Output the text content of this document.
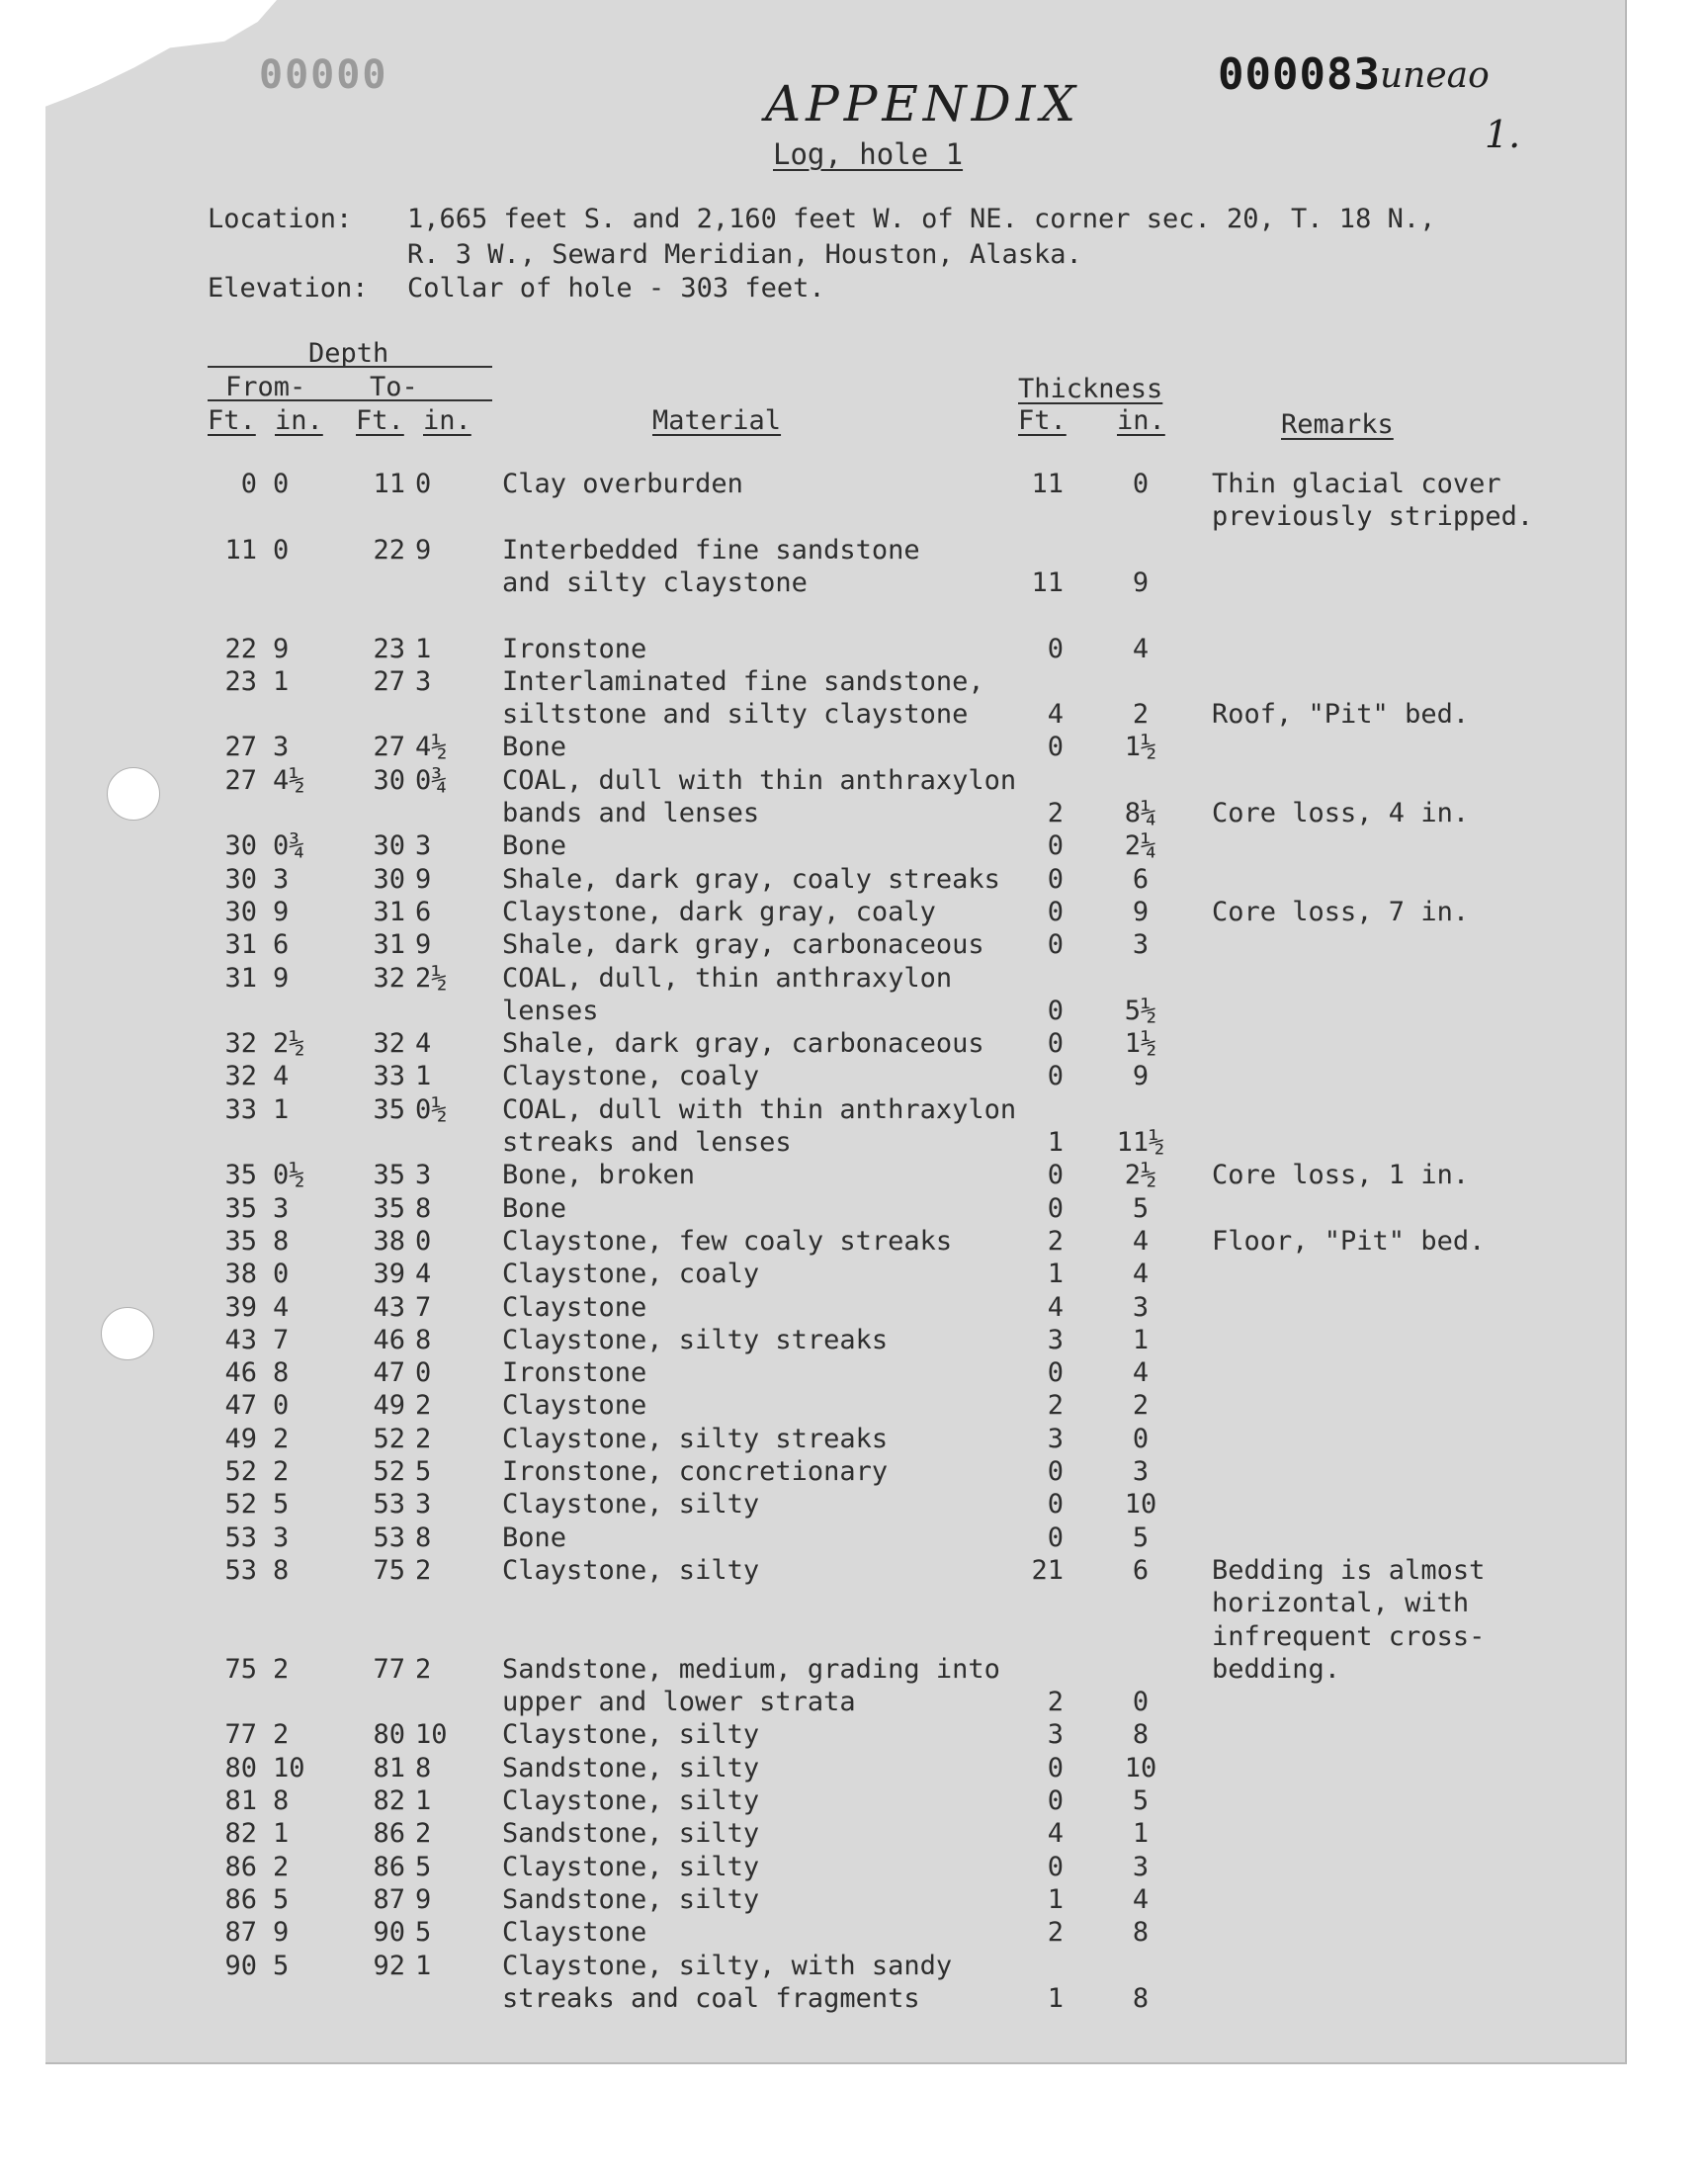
00000	000083 uneao
1.
APPENDIX
Log, hole 1
Location: 1,665 feet S. and 2,160 feet W. of NE. corner sec. 20, T. 18 N.,
R. 3 W., Seward Meridian, Houston, Alaska.
Elevation: Collar of hole - 303 feet.
Depth
From- To-
Ft. in. Ft. in.	Material
Thickness
Ft. in.	Remarks
0 0	11 0	Clay overburden	11	0	Thin glacial cover
previously stripped.
11 0	22 9	Interbedded fine sandstone
and silty claystone	11	9
22 9	23 1	Ironstone	0	4
23 1	27 3	Interlaminated fine sandstone,
siltstone and silty claystone	4	2	Roof, "Pit" bed.
27 3	27 4½	Bone	0	1½
27 4½	30 0¾	COAL, dull with thin anthraxylon
bands and lenses	2	8¼	Core loss, 4 in.
30 0¾	30 3	Bone	0	2¼
30 3	30 9	Shale, dark gray, coaly streaks	0	6
30 9	31 6	Claystone, dark gray, coaly	0	9	Core loss, 7 in.
31 6	31 9	Shale, dark gray, carbonaceous	0	3
31 9	32 2½	COAL, dull, thin anthraxylon
lenses	0	5½
32 2½	32 4	Shale, dark gray, carbonaceous	0	1½
32 4	33 1	Claystone, coaly	0	9
33 1	35 0½	COAL, dull with thin anthraxylon
streaks and lenses	1	11½
35 0½	35 3	Bone, broken	0	2½	Core loss, 1 in.
35 3	35 8	Bone	0	5
35 8	38 0	Claystone, few coaly streaks	2	4	Floor, "Pit" bed.
38 0	39 4	Claystone, coaly	1	4
39 4	43 7	Claystone	4	3
43 7	46 8	Claystone, silty streaks	3	1
46 8	47 0	Ironstone	0	4
47 0	49 2	Claystone	2	2
49 2	52 2	Claystone, silty streaks	3	0
52 2	52 5	Ironstone, concretionary	0	3
52 5	53 3	Claystone, silty	0	10
53 3	53 8	Bone	0	5
53 8	75 2	Claystone, silty	21	6	Bedding is almost
horizontal, with
infrequent cross-
bedding.
75 2	77 2	Sandstone, medium, grading into
upper and lower strata	2	0
77 2	80 10	Claystone, silty	3	8
80 10	81 8	Sandstone, silty	0	10
81 8	82 1	Claystone, silty	0	5
82 1	86 2	Sandstone, silty	4	1
86 2	86 5	Claystone, silty	0	3
86 5	87 9	Sandstone, silty	1	4
87 9	90 5	Claystone	2	8
90 5	92 1	Claystone, silty, with sandy
streaks and coal fragments	1	8
